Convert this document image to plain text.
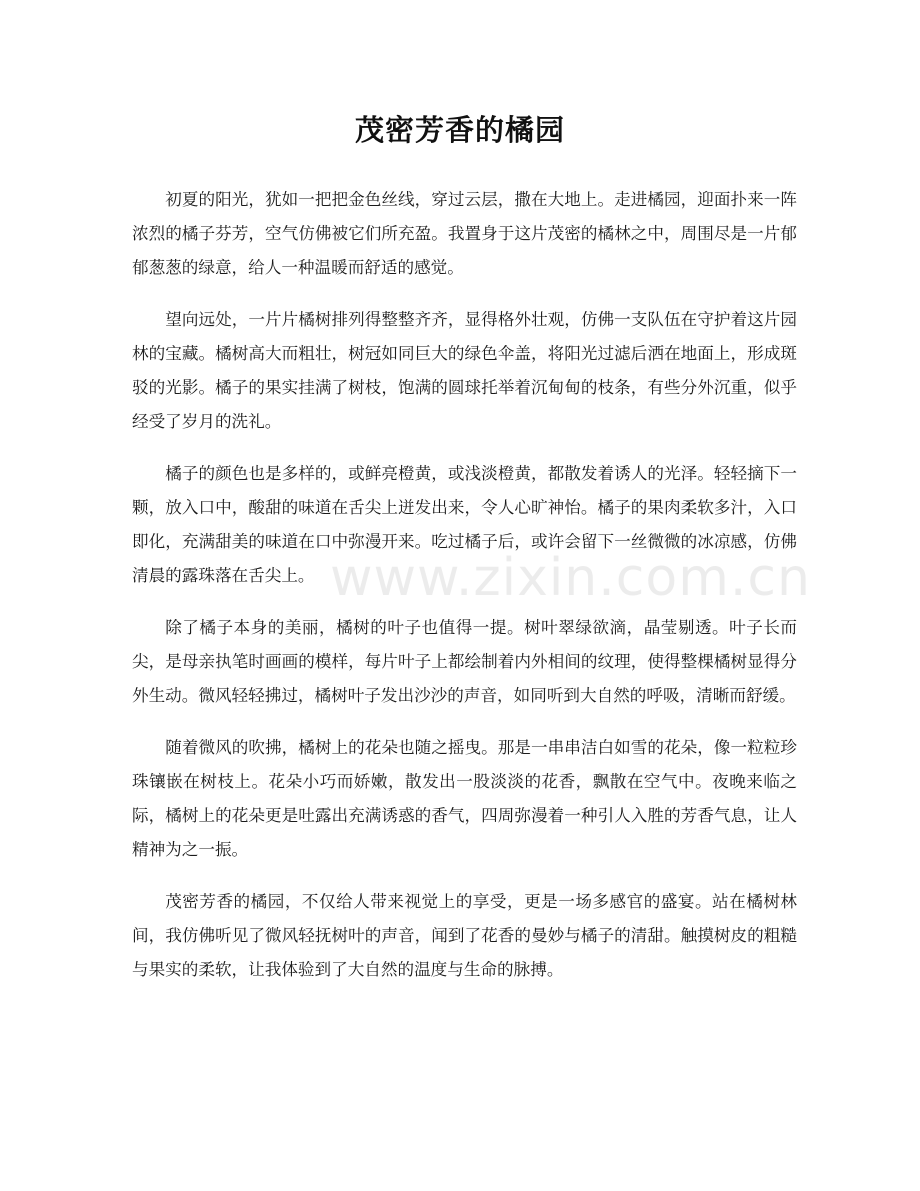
茂密芳香的橘园

初夏的阳光，犹如一把把金色丝线，穿过云层，撒在大地上。走进橘园，迎面扑来一阵浓烈的橘子芬芳，空气仿佛被它们所充盈。我置身于这片茂密的橘林之中，周围尽是一片郁郁葱葱的绿意，给人一种温暖而舒适的感觉。

望向远处，一片片橘树排列得整整齐齐，显得格外壮观，仿佛一支队伍在守护着这片园林的宝藏。橘树高大而粗壮，树冠如同巨大的绿色伞盖，将阳光过滤后洒在地面上，形成斑驳的光影。橘子的果实挂满了树枝，饱满的圆球托举着沉甸甸的枝条，有些分外沉重，似乎经受了岁月的洗礼。

橘子的颜色也是多样的，或鲜亮橙黄，或浅淡橙黄，都散发着诱人的光泽。轻轻摘下一颗，放入口中，酸甜的味道在舌尖上迸发出来，令人心旷神怡。橘子的果肉柔软多汁，入口即化，充满甜美的味道在口中弥漫开来。吃过橘子后，或许会留下一丝微微的冰凉感，仿佛清晨的露珠落在舌尖上。

除了橘子本身的美丽，橘树的叶子也值得一提。树叶翠绿欲滴，晶莹剔透。叶子长而尖，是母亲执笔时画画的模样，每片叶子上都绘制着内外相间的纹理，使得整棵橘树显得分外生动。微风轻轻拂过，橘树叶子发出沙沙的声音，如同听到大自然的呼吸，清晰而舒缓。

随着微风的吹拂，橘树上的花朵也随之摇曳。那是一串串洁白如雪的花朵，像一粒粒珍珠镶嵌在树枝上。花朵小巧而娇嫩，散发出一股淡淡的花香，飘散在空气中。夜晚来临之际，橘树上的花朵更是吐露出充满诱惑的香气，四周弥漫着一种引人入胜的芳香气息，让人精神为之一振。

茂密芳香的橘园，不仅给人带来视觉上的享受，更是一场多感官的盛宴。站在橘树林间，我仿佛听见了微风轻抚树叶的声音，闻到了花香的曼妙与橘子的清甜。触摸树皮的粗糙与果实的柔软，让我体验到了大自然的温度与生命的脉搏。

www.zixin.com.cn
